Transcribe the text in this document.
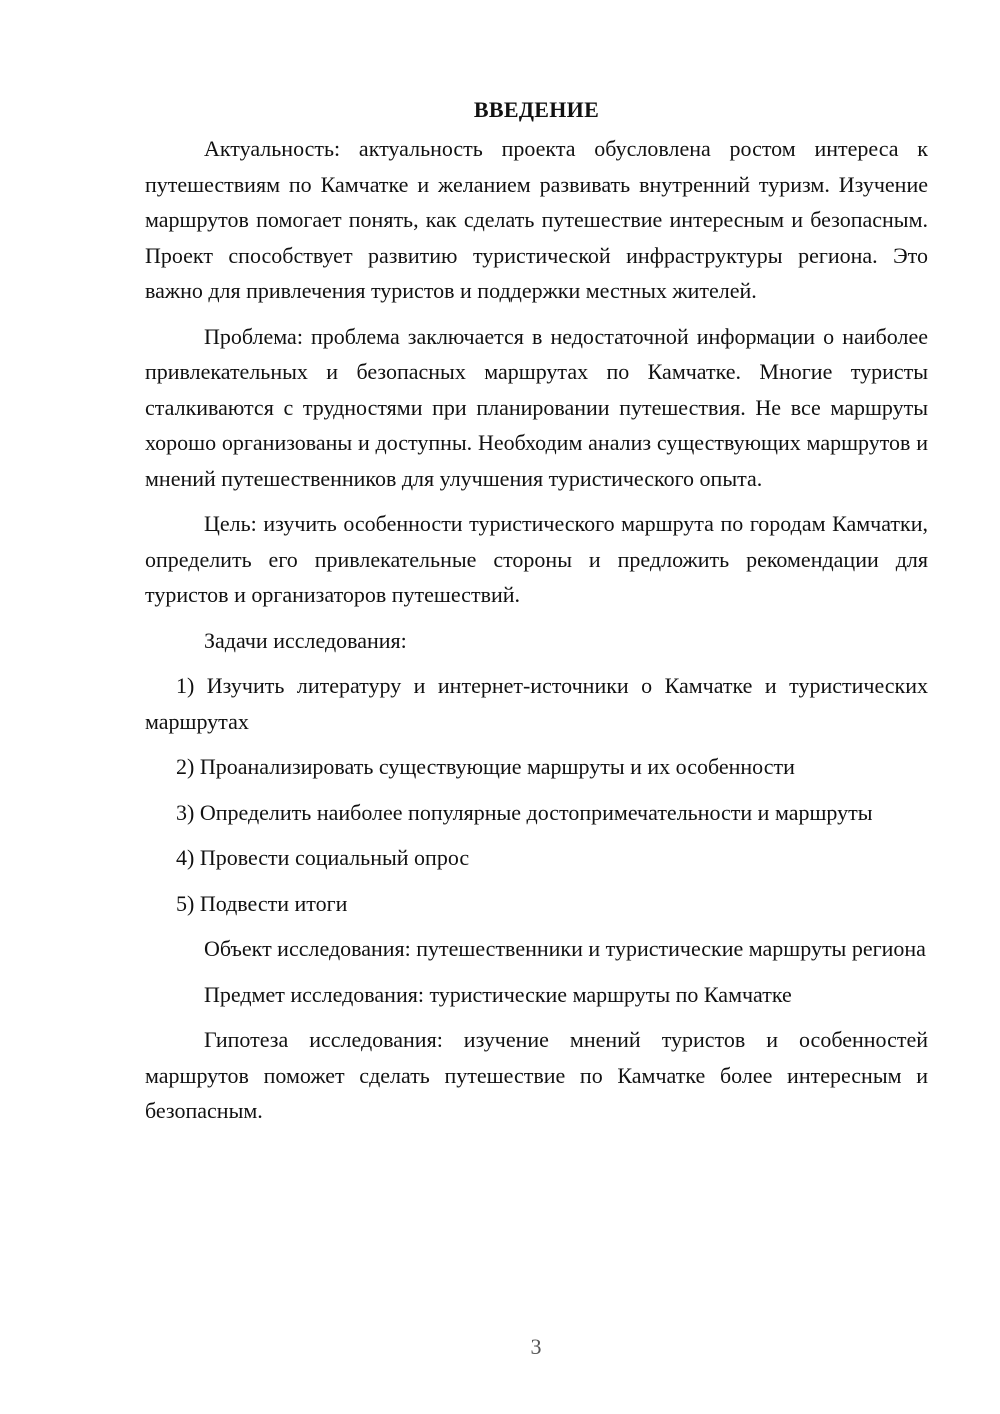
ВВЕДЕНИЕ

Актуальность: актуальность проекта обусловлена ростом интереса к путешествиям по Камчатке и желанием развивать внутренний туризм. Изучение маршрутов помогает понять, как сделать путешествие интересным и безопасным. Проект способствует развитию туристической инфраструктуры региона. Это важно для привлечения туристов и поддержки местных жителей.

Проблема: проблема заключается в недостаточной информации о наиболее привлекательных и безопасных маршрутах по Камчатке. Многие туристы сталкиваются с трудностями при планировании путешествия. Не все маршруты хорошо организованы и доступны. Необходим анализ существующих маршрутов и мнений путешественников для улучшения туристического опыта.

Цель: изучить особенности туристического маршрута по городам Камчатки, определить его привлекательные стороны и предложить рекомендации для туристов и организаторов путешествий.

Задачи исследования:

1) Изучить литературу и интернет-источники о Камчатке и туристических маршрутах

2) Проанализировать существующие маршруты и их особенности

3) Определить наиболее популярные достопримечательности и маршруты

4) Провести социальный опрос

5) Подвести итоги

Объект исследования: путешественники и туристические маршруты региона

Предмет исследования: туристические маршруты по Камчатке

Гипотеза исследования: изучение мнений туристов и особенностей маршрутов поможет сделать путешествие по Камчатке более интересным и безопасным.

3
